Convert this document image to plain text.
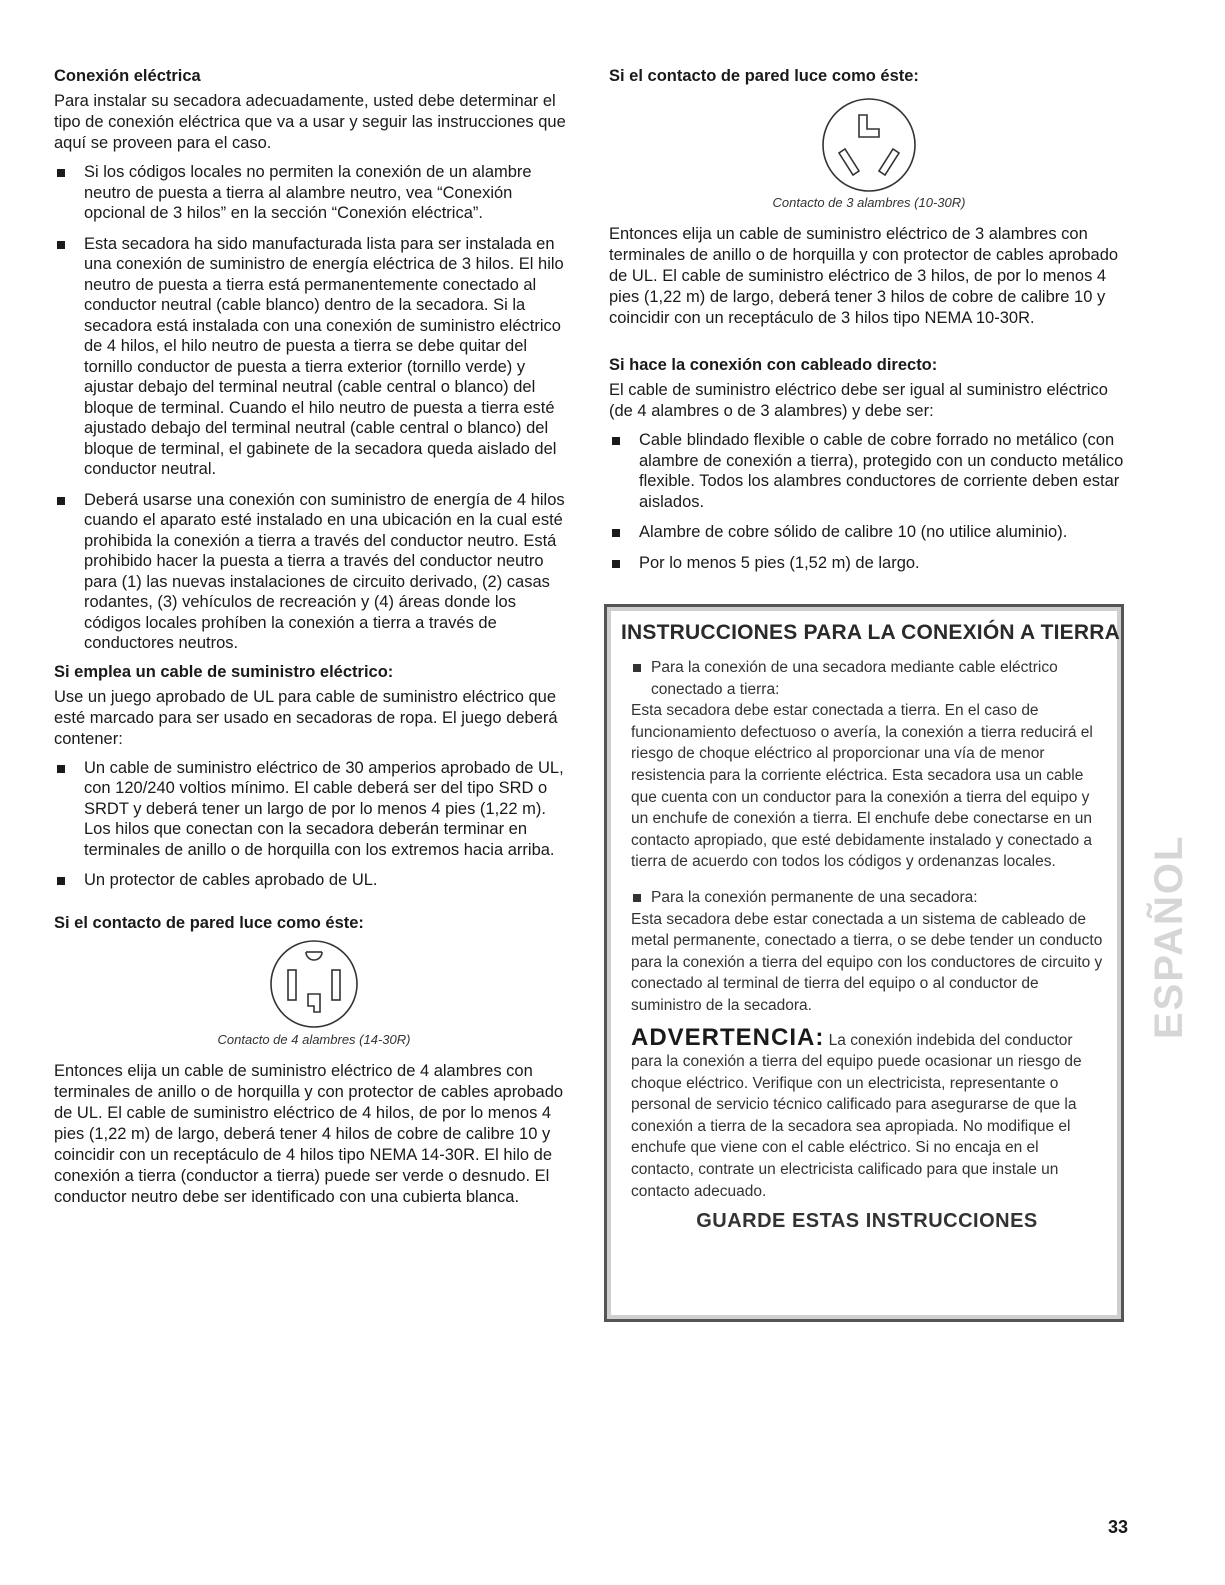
Conexión eléctrica

Para instalar su secadora adecuadamente, usted debe determinar el tipo de conexión eléctrica que va a usar y seguir las instrucciones que aquí se proveen para el caso.

Si los códigos locales no permiten la conexión de un alambre neutro de puesta a tierra al alambre neutro, vea “Conexión opcional de 3 hilos” en la sección “Conexión eléctrica”.
Esta secadora ha sido manufacturada lista para ser instalada en una conexión de suministro de energía eléctrica de 3 hilos. El hilo neutro de puesta a tierra está permanentemente conectado al conductor neutral (cable blanco) dentro de la secadora. Si la secadora está instalada con una conexión de suministro eléctrico de 4 hilos, el hilo neutro de puesta a tierra se debe quitar del tornillo conductor de puesta a tierra exterior (tornillo verde) y ajustar debajo del terminal neutral (cable central o blanco) del bloque de terminal. Cuando el hilo neutro de puesta a tierra esté ajustado debajo del terminal neutral (cable central o blanco) del bloque de terminal, el gabinete de la secadora queda aislado del conductor neutral.
Deberá usarse una conexión con suministro de energía de 4 hilos cuando el aparato esté instalado en una ubicación en la cual esté prohibida la conexión a tierra a través del conductor neutro. Está prohibido hacer la puesta a tierra a través del conductor neutro para (1) las nuevas instalaciones de circuito derivado, (2) casas rodantes, (3) vehículos de recreación y (4) áreas donde los códigos locales prohíben la conexión a tierra a través de conductores neutros.
Si emplea un cable de suministro eléctrico:

Use un juego aprobado de UL para cable de suministro eléctrico que esté marcado para ser usado en secadoras de ropa. El juego deberá contener:

Un cable de suministro eléctrico de 30 amperios aprobado de UL, con 120/240 voltios mínimo. El cable deberá ser del tipo SRD o SRDT y deberá tener un largo de por lo menos 4 pies (1,22 m). Los hilos que conectan con la secadora deberán terminar en terminales de anillo o de horquilla con los extremos hacia arriba.
Un protector de cables aprobado de UL.
Si el contacto de pared luce como éste:
Contacto de 4 alambres (14-30R)

Entonces elija un cable de suministro eléctrico de 4 alambres con terminales de anillo o de horquilla y con protector de cables aprobado de UL. El cable de suministro eléctrico de 4 hilos, de por lo menos 4 pies (1,22 m) de largo, deberá tener 4 hilos de cobre de calibre 10 y coincidir con un receptáculo de 4 hilos tipo NEMA 14-30R. El hilo de conexión a tierra (conductor a tierra) puede ser verde o desnudo. El conductor neutro debe ser identificado con una cubierta blanca.

Si el contacto de pared luce como éste:
Contacto de 3 alambres (10-30R)

Entonces elija un cable de suministro eléctrico de 3 alambres con terminales de anillo o de horquilla y con protector de cables aprobado de UL. El cable de suministro eléctrico de 3 hilos, de por lo menos 4 pies (1,22 m) de largo, deberá tener 3 hilos de cobre de calibre 10 y coincidir con un receptáculo de 3 hilos tipo NEMA 10-30R.

Si hace la conexión con cableado directo:

El cable de suministro eléctrico debe ser igual al suministro eléctrico (de 4 alambres o de 3 alambres) y debe ser:

Cable blindado flexible o cable de cobre forrado no metálico (con alambre de conexión a tierra), protegido con un conducto metálico flexible. Todos los alambres conductores de corriente deben estar aislados.
Alambre de cobre sólido de calibre 10 (no utilice aluminio).
Por lo menos 5 pies (1,52 m) de largo.
INSTRUCCIONES PARA LA CONEXIÓN A TIERRA

Para la conexión de una secadora mediante cable eléctrico conectado a tierra:

Esta secadora debe estar conectada a tierra. En el caso de funcionamiento defectuoso o avería, la conexión a tierra reducirá el riesgo de choque eléctrico al proporcionar una vía de menor resistencia para la corriente eléctrica. Esta secadora usa un cable que cuenta con un conductor para la conexión a tierra del equipo y un enchufe de conexión a tierra. El enchufe debe conectarse en un contacto apropiado, que esté debidamente instalado y conectado a tierra de acuerdo con todos los códigos y ordenanzas locales.

Para la conexión permanente de una secadora:

Esta secadora debe estar conectada a un sistema de cableado de metal permanente, conectado a tierra, o se debe tender un conducto para la conexión a tierra del equipo con los conductores de circuito y conectado al terminal de tierra del equipo o al conductor de suministro de la secadora.

ADVERTENCIA: La conexión indebida del conductor para la conexión a tierra del equipo puede ocasionar un riesgo de choque eléctrico. Verifique con un electricista, representante o personal de servicio técnico calificado para asegurarse de que la conexión a tierra de la secadora sea apropiada. No modifique el enchufe que viene con el cable eléctrico. Si no encaja en el contacto, contrate un electricista calificado para que instale un contacto adecuado.

GUARDE ESTAS INSTRUCCIONES
ESPAÑOL
33
